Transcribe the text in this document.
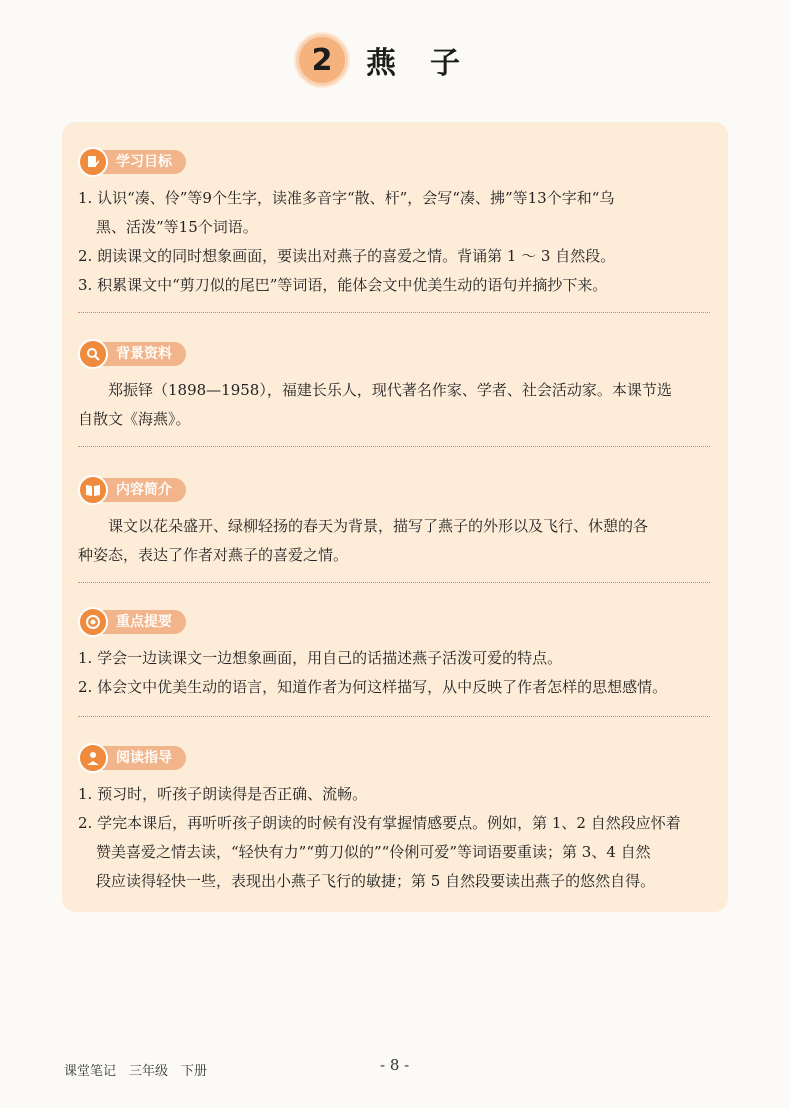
2	燕子
学习目标
1. 认识“凑、伶”等9个生字，读准多音字“散、杆”，会写“凑、拂”等13个字和“乌
黑、活泼”等15个词语。
2. 朗读课文的同时想象画面，要读出对燕子的喜爱之情。背诵第 1 ～ 3 自然段。
3. 积累课文中“剪刀似的尾巴”等词语，能体会文中优美生动的语句并摘抄下来。
背景资料
郑振铎（1898—1958），福建长乐人，现代著名作家、学者、社会活动家。本课节选
自散文《海燕》。
内容简介
课文以花朵盛开、绿柳轻扬的春天为背景，描写了燕子的外形以及飞行、休憩的各
种姿态，表达了作者对燕子的喜爱之情。
重点提要
1. 学会一边读课文一边想象画面，用自己的话描述燕子活泼可爱的特点。
2. 体会文中优美生动的语言，知道作者为何这样描写，从中反映了作者怎样的思想感情。
阅读指导
1. 预习时，听孩子朗读得是否正确、流畅。
2. 学完本课后，再听听孩子朗读的时候有没有掌握情感要点。例如，第 1、2 自然段应怀着
赞美喜爱之情去读，“轻快有力”“剪刀似的”“伶俐可爱”等词语要重读；第 3、4 自然
段应读得轻快一些，表现出小燕子飞行的敏捷；第 5 自然段要读出燕子的悠然自得。
课堂笔记　三年级　下册	- 8 -
